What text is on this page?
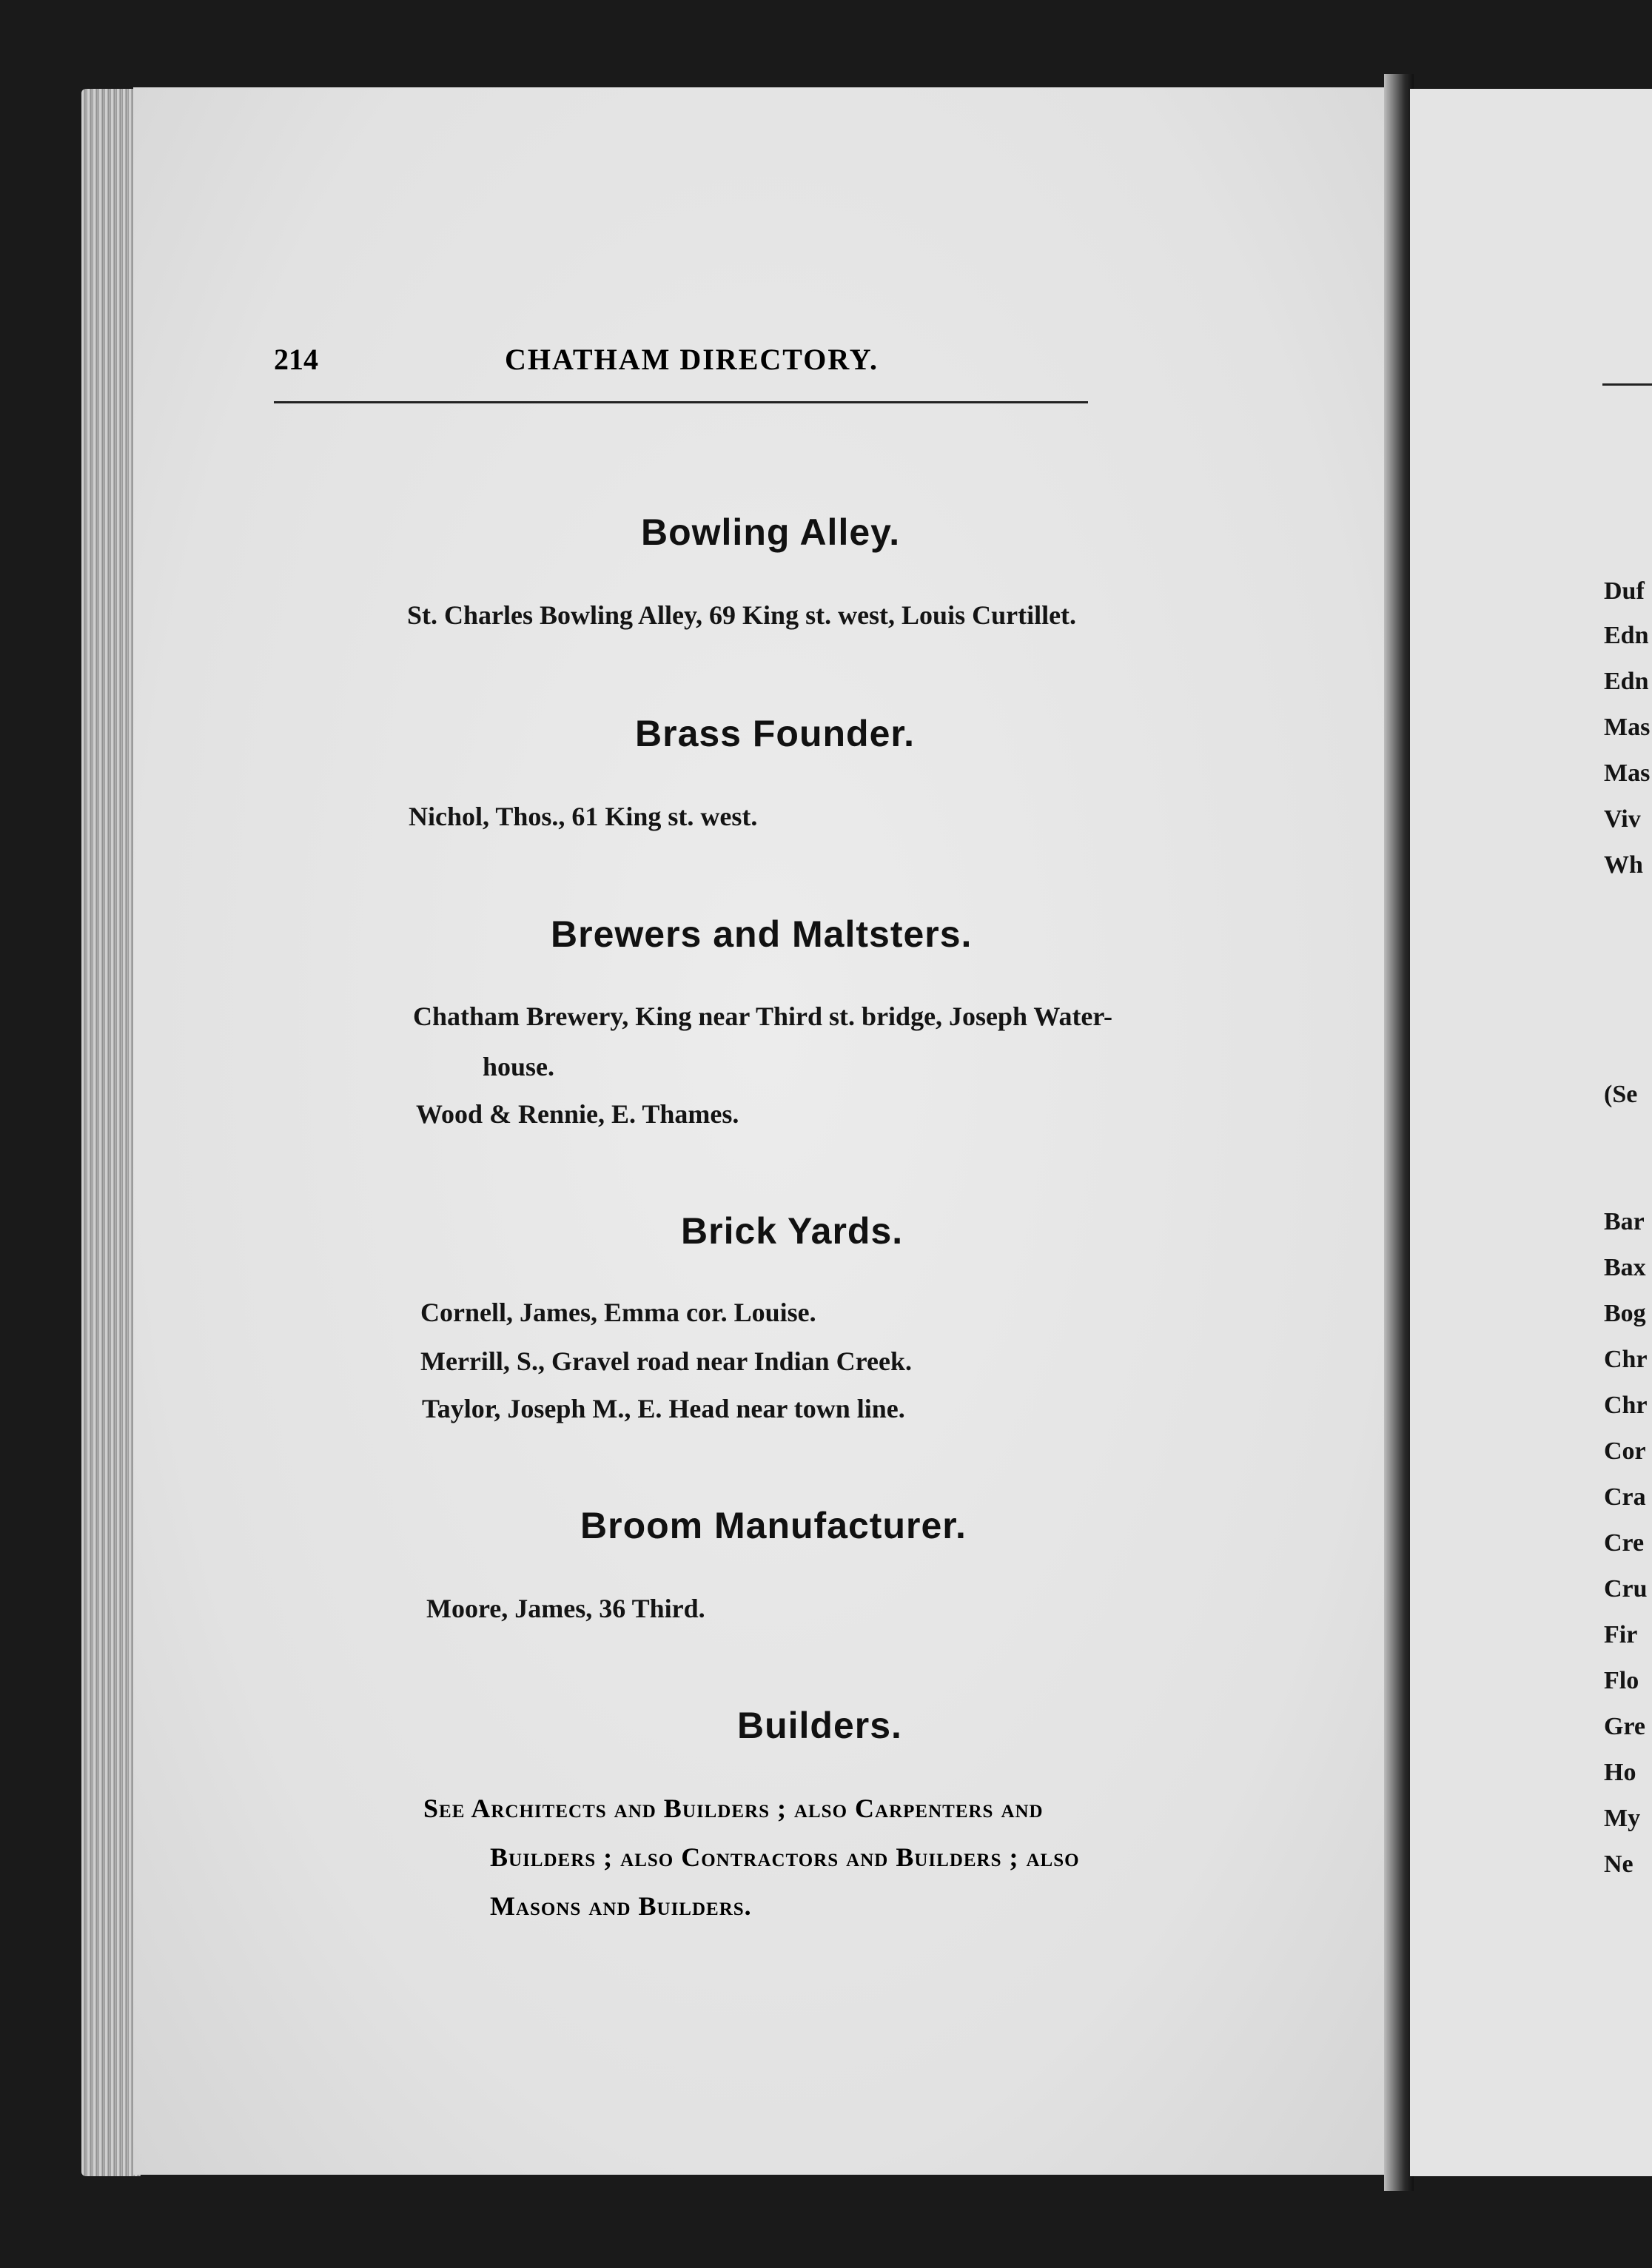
214	CHATHAM DIRECTORY.
Bowling Alley.
St. Charles Bowling Alley, 69 King st. west, Louis Curtillet.
Brass Founder.
Nichol, Thos., 61 King st. west.
Brewers and Maltsters.
Chatham Brewery, King near Third st. bridge, Joseph Water-
house.
Wood & Rennie, E. Thames.
Brick Yards.
Cornell, James, Emma cor. Louise.
Merrill, S., Gravel road near Indian Creek.
Taylor, Joseph M., E. Head near town line.
Broom Manufacturer.
Moore, James, 36 Third.
Builders.
See Architects and Builders ; also Carpenters and
Builders ; also Contractors and Builders ; also
Masons and Builders.
Duf
Edn
Edn
Mas
Mas
Viv
Wh
(Se
Bar
Bax
Bog
Chr
Chr
Cor
Cra
Cre
Cru
Fir
Flo
Gre
Ho
My
Ne
